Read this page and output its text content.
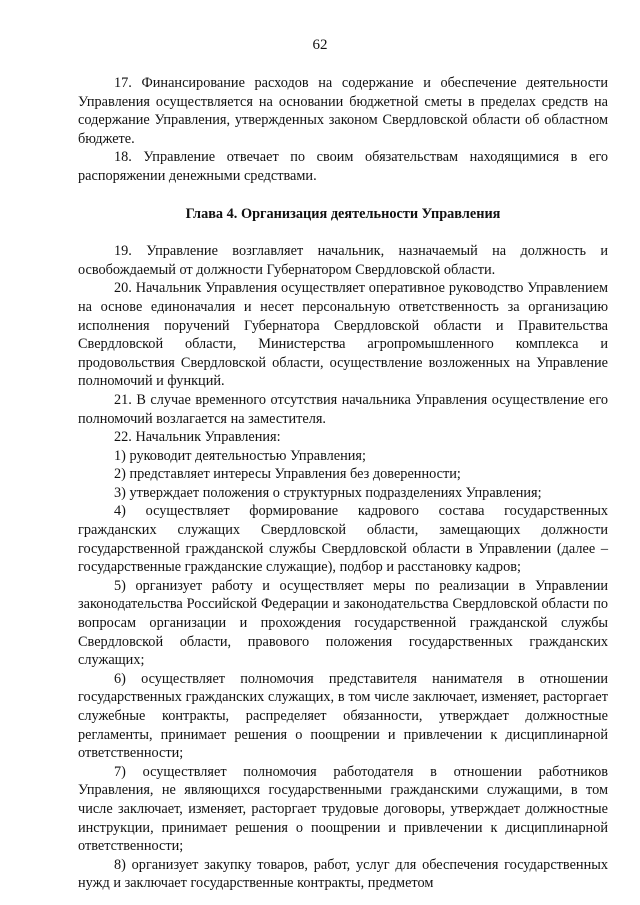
62

17. Финансирование расходов на содержание и обеспечение деятельности Управления осуществляется на основании бюджетной сметы в пределах средств на содержание Управления, утвержденных законом Свердловской области об областном бюджете.

18. Управление отвечает по своим обязательствам находящимися в его распоряжении денежными средствами.

Глава 4. Организация деятельности Управления

19. Управление возглавляет начальник, назначаемый на должность и освобождаемый от должности Губернатором Свердловской области.

20. Начальник Управления осуществляет оперативное руководство Управлением на основе единоначалия и несет персональную ответственность за организацию исполнения поручений Губернатора Свердловской области и Правительства Свердловской области, Министерства агропромышленного комплекса и продовольствия Свердловской области, осуществление возложенных на Управление полномочий и функций.

21. В случае временного отсутствия начальника Управления осуществление его полномочий возлагается на заместителя.

22. Начальник Управления:

1) руководит деятельностью Управления;

2) представляет интересы Управления без доверенности;

3) утверждает положения о структурных подразделениях Управления;

4) осуществляет формирование кадрового состава государственных гражданских служащих Свердловской области, замещающих должности государственной гражданской службы Свердловской области в Управлении (далее – государственные гражданские служащие), подбор и расстановку кадров;

5) организует работу и осуществляет меры по реализации в Управлении законодательства Российской Федерации и законодательства Свердловской области по вопросам организации и прохождения государственной гражданской службы Свердловской области, правового положения государственных гражданских служащих;

6) осуществляет полномочия представителя нанимателя в отношении государственных гражданских служащих, в том числе заключает, изменяет, расторгает служебные контракты, распределяет обязанности, утверждает должностные регламенты, принимает решения о поощрении и привлечении к дисциплинарной ответственности;

7) осуществляет полномочия работодателя в отношении работников Управления, не являющихся государственными гражданскими служащими, в том числе заключает, изменяет, расторгает трудовые договоры, утверждает должностные инструкции, принимает решения о поощрении и привлечении к дисциплинарной ответственности;

8) организует закупку товаров, работ, услуг для обеспечения государственных нужд и заключает государственные контракты, предметом
